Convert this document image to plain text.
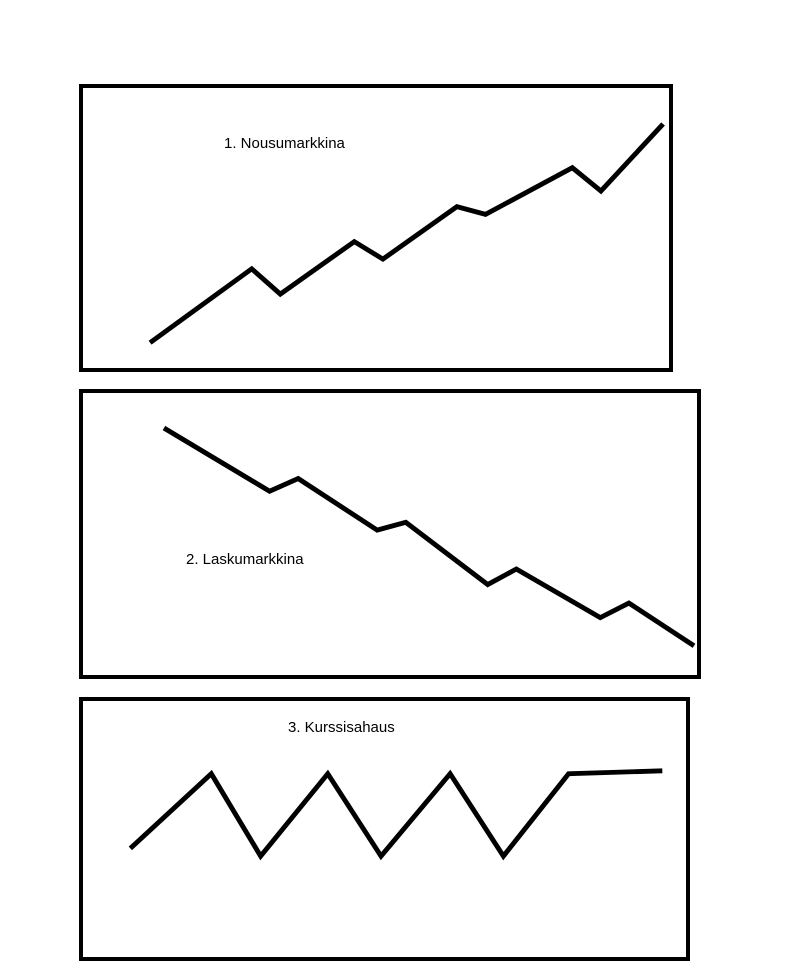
1. Nousumarkkina
2. Laskumarkkina
3. Kurssisahaus
